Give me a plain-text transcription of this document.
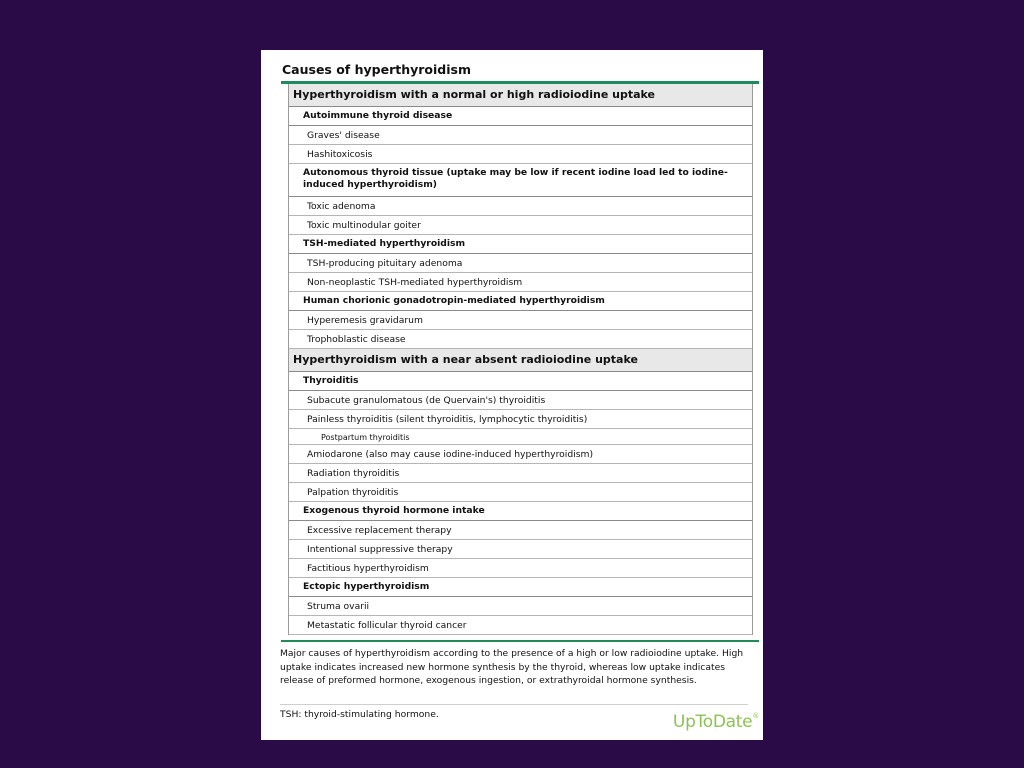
Causes of hyperthyroidism
Hyperthyroidism with a normal or high radioiodine uptake
Autoimmune thyroid disease
Graves' disease
Hashitoxicosis
Autonomous thyroid tissue (uptake may be low if recent iodine load led to iodine-induced hyperthyroidism)
Toxic adenoma
Toxic multinodular goiter
TSH-mediated hyperthyroidism
TSH-producing pituitary adenoma
Non-neoplastic TSH-mediated hyperthyroidism
Human chorionic gonadotropin-mediated hyperthyroidism
Hyperemesis gravidarum
Trophoblastic disease
Hyperthyroidism with a near absent radioiodine uptake
Thyroiditis
Subacute granulomatous (de Quervain's) thyroiditis
Painless thyroiditis (silent thyroiditis, lymphocytic thyroiditis)
Postpartum thyroiditis
Amiodarone (also may cause iodine-induced hyperthyroidism)
Radiation thyroiditis
Palpation thyroiditis
Exogenous thyroid hormone intake
Excessive replacement therapy
Intentional suppressive therapy
Factitious hyperthyroidism
Ectopic hyperthyroidism
Struma ovarii
Metastatic follicular thyroid cancer
Major causes of hyperthyroidism according to the presence of a high or low radioiodine uptake. High uptake indicates increased new hormone synthesis by the thyroid, whereas low uptake indicates release of preformed hormone, exogenous ingestion, or extrathyroidal hormone synthesis.
TSH: thyroid-stimulating hormone.	UpToDate®
